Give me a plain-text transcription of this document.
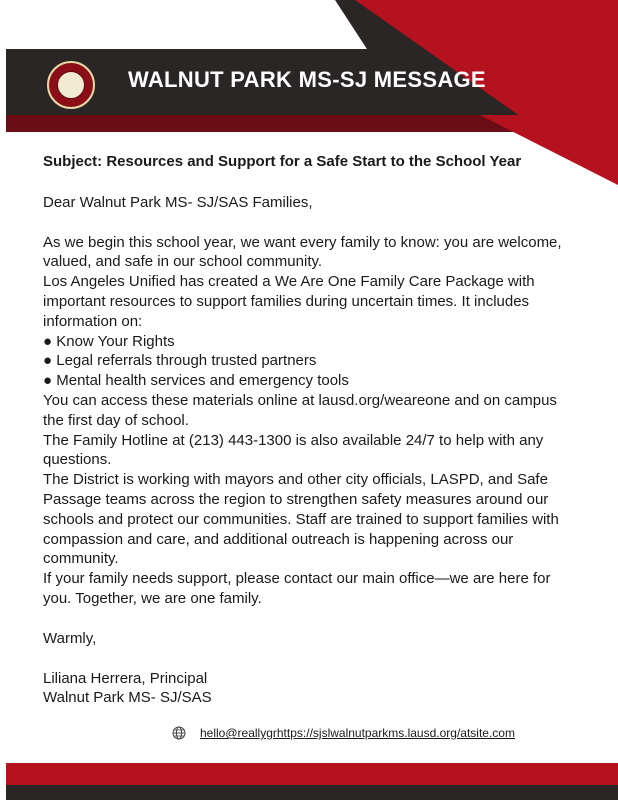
WALNUT PARK MS-SJ MESSAGE

Subject: Resources and Support for a Safe Start to the School Year

Dear Walnut Park MS- SJ/SAS Families,

As we begin this school year, we want every family to know: you are welcome, valued, and safe in our school community.

Los Angeles Unified has created a We Are One Family Care Package with important resources to support families during uncertain times. It includes information on:

● Know Your Rights

● Legal referrals through trusted partners

● Mental health services and emergency tools

You can access these materials online at lausd.org/weareone and on campus the first day of school.

The Family Hotline at (213) 443-1300 is also available 24/7 to help with any questions.

The District is working with mayors and other city officials, LASPD, and Safe Passage teams across the region to strengthen safety measures around our schools and protect our communities. Staff are trained to support families with compassion and care, and additional outreach is happening across our community.

If your family needs support, please contact our main office—we are here for you. Together, we are one family.

Warmly,

Liliana Herrera, Principal

Walnut Park MS- SJ/SAS

hello@reallygrhttps://sjslwalnutparkms.lausd.org/atsite.com
